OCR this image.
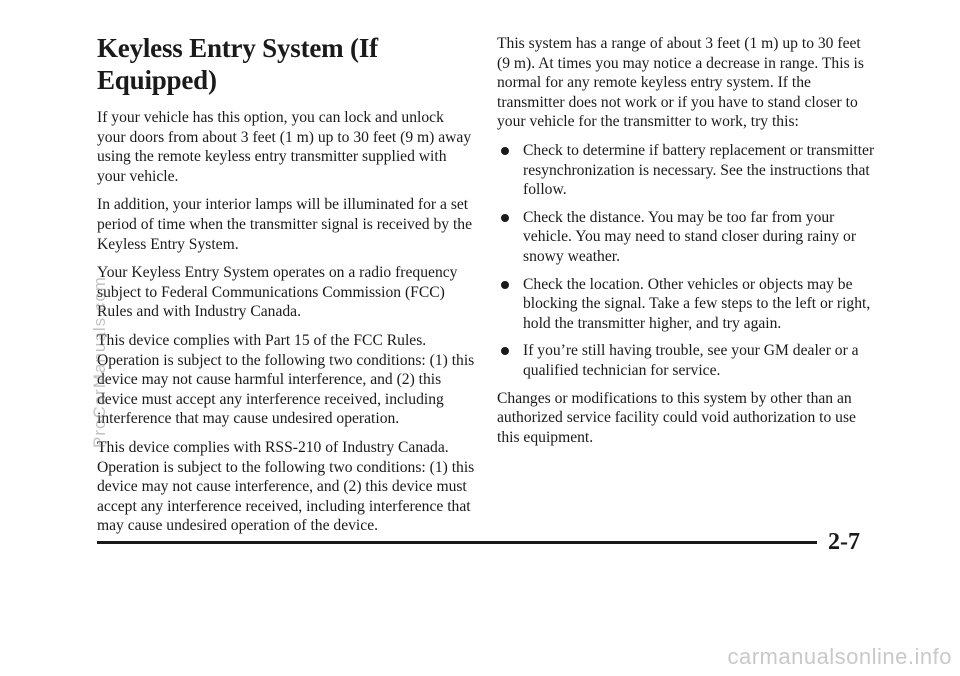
Keyless Entry System (If Equipped)

If your vehicle has this option, you can lock and unlock your doors from about 3 feet (1 m) up to 30 feet (9 m) away using the remote keyless entry transmitter supplied with your vehicle.

In addition, your interior lamps will be illuminated for a set period of time when the transmitter signal is received by the Keyless Entry System.

Your Keyless Entry System operates on a radio frequency subject to Federal Communications Commission (FCC) Rules and with Industry Canada.

This device complies with Part 15 of the FCC Rules. Operation is subject to the following two conditions: (1) this device may not cause harmful interference, and (2) this device must accept any interference received, including interference that may cause undesired operation.

This device complies with RSS-210 of Industry Canada. Operation is subject to the following two conditions: (1) this device may not cause interference, and (2) this device must accept any interference received, including interference that may cause undesired operation of the device.

This system has a range of about 3 feet (1 m) up to 30 feet (9 m). At times you may notice a decrease in range. This is normal for any remote keyless entry system. If the transmitter does not work or if you have to stand closer to your vehicle for the transmitter to work, try this:

Check to determine if battery replacement or transmitter resynchronization is necessary. See the instructions that follow.
Check the distance. You may be too far from your vehicle. You may need to stand closer during rainy or snowy weather.
Check the location. Other vehicles or objects may be blocking the signal. Take a few steps to the left or right, hold the transmitter higher, and try again.
If you’re still having trouble, see your GM dealer or a qualified technician for service.

Changes or modifications to this system by other than an authorized service facility could void authorization to use this equipment.

2-7
ProCarManuals.com
carmanualsonline.info
